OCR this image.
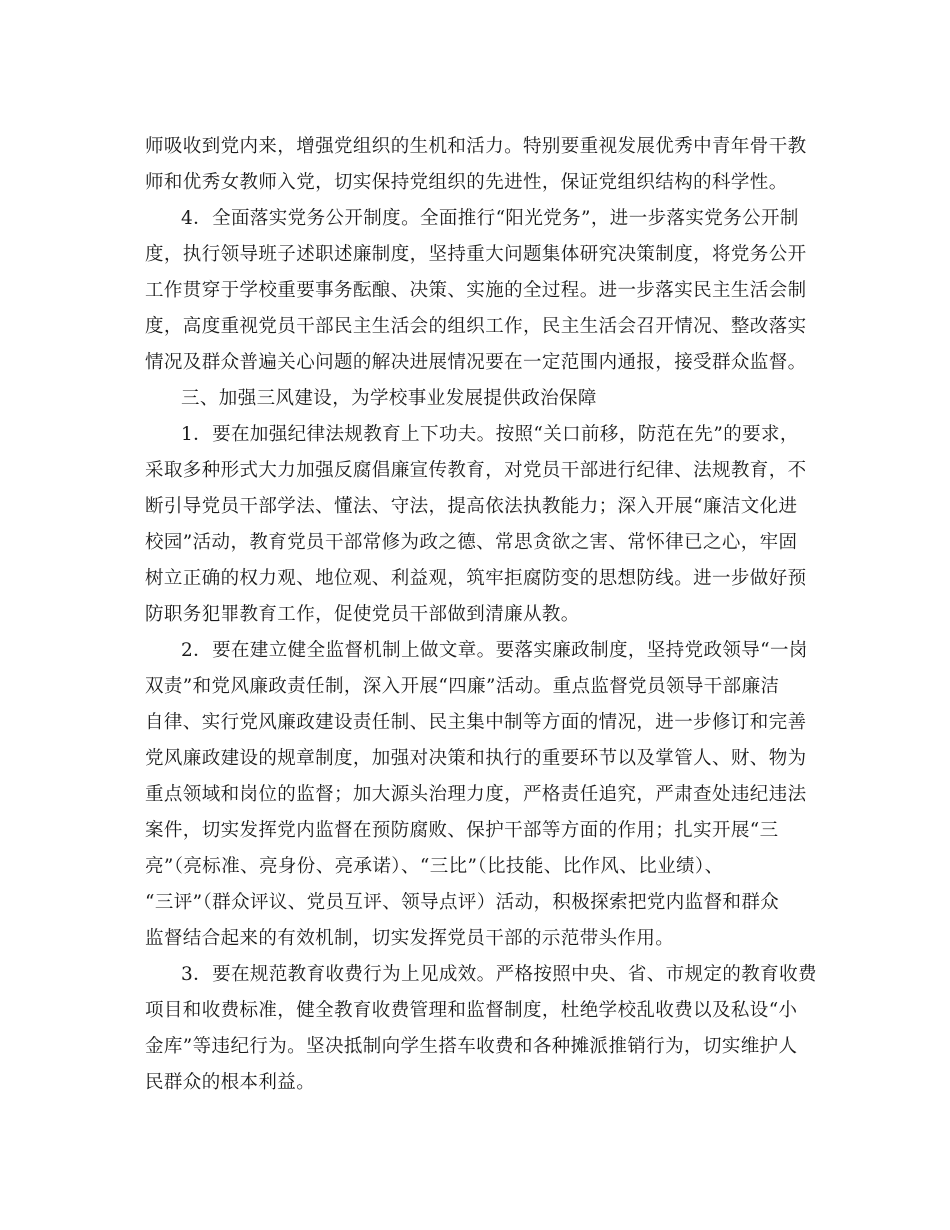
师吸收到党内来，增强党组织的生机和活力。特别要重视发展优秀中青年骨干教
师和优秀女教师入党，切实保持党组织的先进性，保证党组织结构的科学性。
4．全面落实党务公开制度。全面推行“阳光党务”，进一步落实党务公开制
度，执行领导班子述职述廉制度，坚持重大问题集体研究决策制度，将党务公开
工作贯穿于学校重要事务酝酿、决策、实施的全过程。进一步落实民主生活会制
度，高度重视党员干部民主生活会的组织工作，民主生活会召开情况、整改落实
情况及群众普遍关心问题的解决进展情况要在一定范围内通报，接受群众监督。
三、加强三风建设，为学校事业发展提供政治保障
1．要在加强纪律法规教育上下功夫。按照“关口前移，防范在先”的要求，
采取多种形式大力加强反腐倡廉宣传教育，对党员干部进行纪律、法规教育，不
断引导党员干部学法、懂法、守法，提高依法执教能力；深入开展“廉洁文化进
校园”活动，教育党员干部常修为政之德、常思贪欲之害、常怀律已之心，牢固
树立正确的权力观、地位观、利益观，筑牢拒腐防变的思想防线。进一步做好预
防职务犯罪教育工作，促使党员干部做到清廉从教。
2．要在建立健全监督机制上做文章。要落实廉政制度，坚持党政领导“一岗
双责”和党风廉政责任制，深入开展“四廉”活动。重点监督党员领导干部廉洁
自律、实行党风廉政建设责任制、民主集中制等方面的情况，进一步修订和完善
党风廉政建设的规章制度，加强对决策和执行的重要环节以及掌管人、财、物为
重点领域和岗位的监督；加大源头治理力度，严格责任追究，严肃查处违纪违法
案件，切实发挥党内监督在预防腐败、保护干部等方面的作用；扎实开展“三
亮”（亮标准、亮身份、亮承诺）、“三比”（比技能、比作风、比业绩）、
“三评”（群众评议、党员互评、领导点评）活动，积极探索把党内监督和群众
监督结合起来的有效机制，切实发挥党员干部的示范带头作用。
3．要在规范教育收费行为上见成效。严格按照中央、省、市规定的教育收费
项目和收费标准，健全教育收费管理和监督制度，杜绝学校乱收费以及私设“小
金库”等违纪行为。坚决抵制向学生搭车收费和各种摊派推销行为，切实维护人
民群众的根本利益。
